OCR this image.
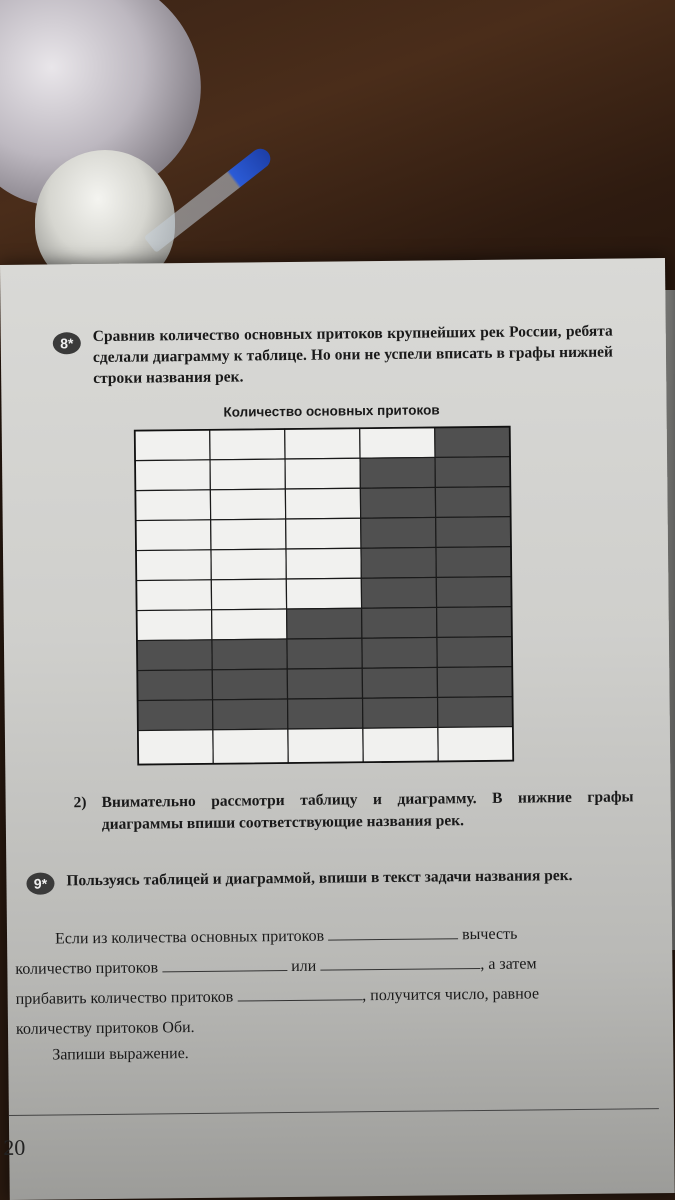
8*	Сравнив количество основных притоков крупнейших рек России, ребята сделали диаграмму к таблице. Но они не успели вписать в графы нижней строки названия рек.
Количество основных притоков
2) Внимательно рассмотри таблицу и диаграмму. В нижние графы диаграммы впиши соответствующие названия рек.
9*	Пользуясь таблицей и диаграммой, впиши в текст задачи названия рек.

Если из количества основных притоков	вычесть

количество притоков	или	, а затем

прибавить количество притоков	, получится число, равное

количеству притоков Оби.

Запиши выражение.
20
